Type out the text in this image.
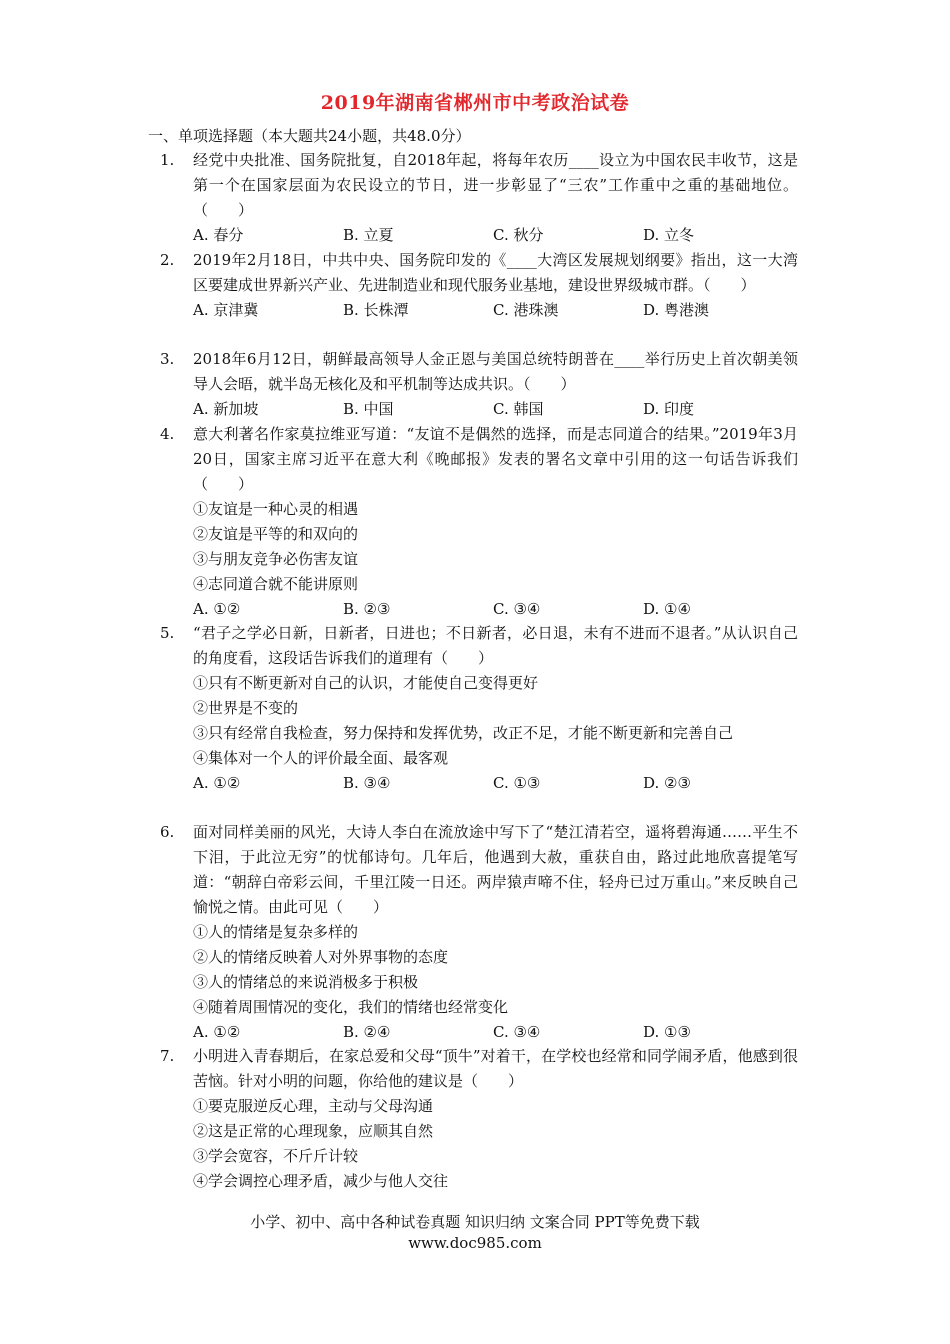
2019年湖南省郴州市中考政治试卷
一、单项选择题（本大题共24小题，共48.0分）
1. 经党中央批准、国务院批复，自2018年起，将每年农历____设立为中国农民丰收节，这是第一个在国家层面为农民设立的节日，进一步彰显了“三农”工作重中之重的基础地位。（　　）
A. 春分	B. 立夏	C. 秋分	D. 立冬
2. 2019年2月18日，中共中央、国务院印发的《____大湾区发展规划纲要》指出，这一大湾区要建成世界新兴产业、先进制造业和现代服务业基地，建设世界级城市群。（　　）
A. 京津冀	B. 长株潭	C. 港珠澳	D. 粤港澳
3. 2018年6月12日，朝鲜最高领导人金正恩与美国总统特朗普在____举行历史上首次朝美领导人会晤，就半岛无核化及和平机制等达成共识。（　　）
A. 新加坡	B. 中国	C. 韩国	D. 印度
4. 意大利著名作家莫拉维亚写道：“友谊不是偶然的选择，而是志同道合的结果。”2019年3月20日，国家主席习近平在意大利《晚邮报》发表的署名文章中引用的这一句话告诉我们（　　）
①友谊是一种心灵的相遇
②友谊是平等的和双向的
③与朋友竞争必伤害友谊
④志同道合就不能讲原则
A. ①②	B. ②③	C. ③④	D. ①④
5. “君子之学必日新，日新者，日进也；不日新者，必日退，未有不进而不退者。”从认识自己的角度看，这段话告诉我们的道理有（　　）
①只有不断更新对自己的认识，才能使自己变得更好
②世界是不变的
③只有经常自我检查，努力保持和发挥优势，改正不足，才能不断更新和完善自己
④集体对一个人的评价最全面、最客观
A. ①②	B. ③④	C. ①③	D. ②③
6. 面对同样美丽的风光，大诗人李白在流放途中写下了“楚江清若空，遥将碧海通……平生不下泪，于此泣无穷”的忧郁诗句。几年后，他遇到大赦，重获自由，路过此地欣喜提笔写道：“朝辞白帝彩云间，千里江陵一日还。两岸猿声啼不住，轻舟已过万重山。”来反映自己愉悦之情。由此可见（　　）
①人的情绪是复杂多样的
②人的情绪反映着人对外界事物的态度
③人的情绪总的来说消极多于积极
④随着周围情况的变化，我们的情绪也经常变化
A. ①②	B. ②④	C. ③④	D. ①③
7. 小明进入青春期后，在家总爱和父母“顶牛”对着干，在学校也经常和同学闹矛盾，他感到很苦恼。针对小明的问题，你给他的建议是（　　）
①要克服逆反心理，主动与父母沟通
②这是正常的心理现象，应顺其自然
③学会宽容，不斤斤计较
④学会调控心理矛盾，减少与他人交往
小学、初中、高中各种试卷真题 知识归纳 文案合同 PPT等免费下载
www.doc985.com
